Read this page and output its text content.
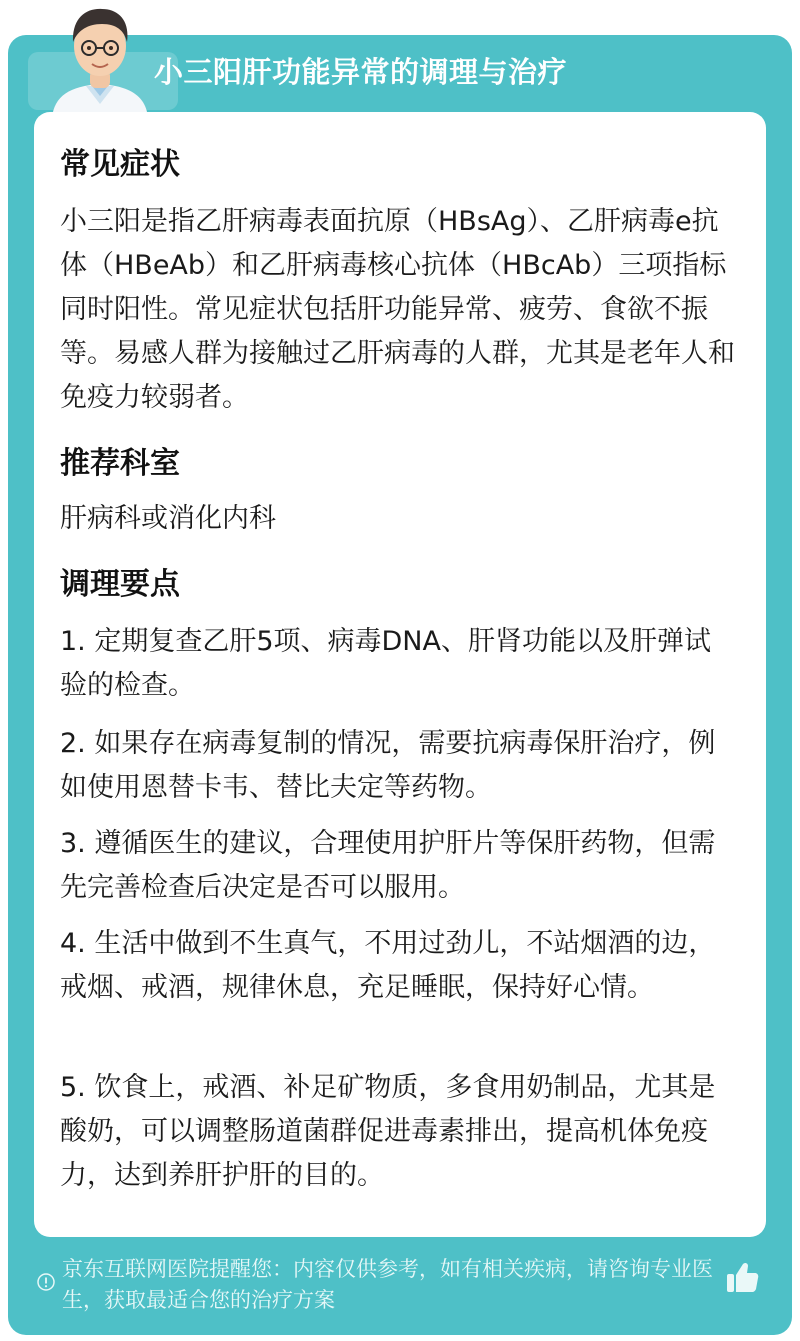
小三阳肝功能异常的调理与治疗
常见症状

小三阳是指乙肝病毒表面抗原（HBsAg）、乙肝病毒e抗体（HBeAb）和乙肝病毒核心抗体（HBcAb）三项指标同时阳性。常见症状包括肝功能异常、疲劳、食欲不振等。易感人群为接触过乙肝病毒的人群，尤其是老年人和免疫力较弱者。

推荐科室

肝病科或消化内科

调理要点

1. 定期复查乙肝5项、病毒DNA、肝肾功能以及肝弹试验的检查。

2. 如果存在病毒复制的情况，需要抗病毒保肝治疗，例如使用恩替卡韦、替比夫定等药物。

3. 遵循医生的建议，合理使用护肝片等保肝药物，但需先完善检查后决定是否可以服用。

4. 生活中做到不生真气，不用过劲儿，不站烟酒的边，戒烟、戒酒，规律休息，充足睡眠，保持好心情。

5. 饮食上，戒酒、补足矿物质，多食用奶制品，尤其是酸奶，可以调整肠道菌群促进毒素排出，提高机体免疫力，达到养肝护肝的目的。

京东互联网医院提醒您：内容仅供参考，如有相关疾病，请咨询专业医生，获取最适合您的治疗方案
